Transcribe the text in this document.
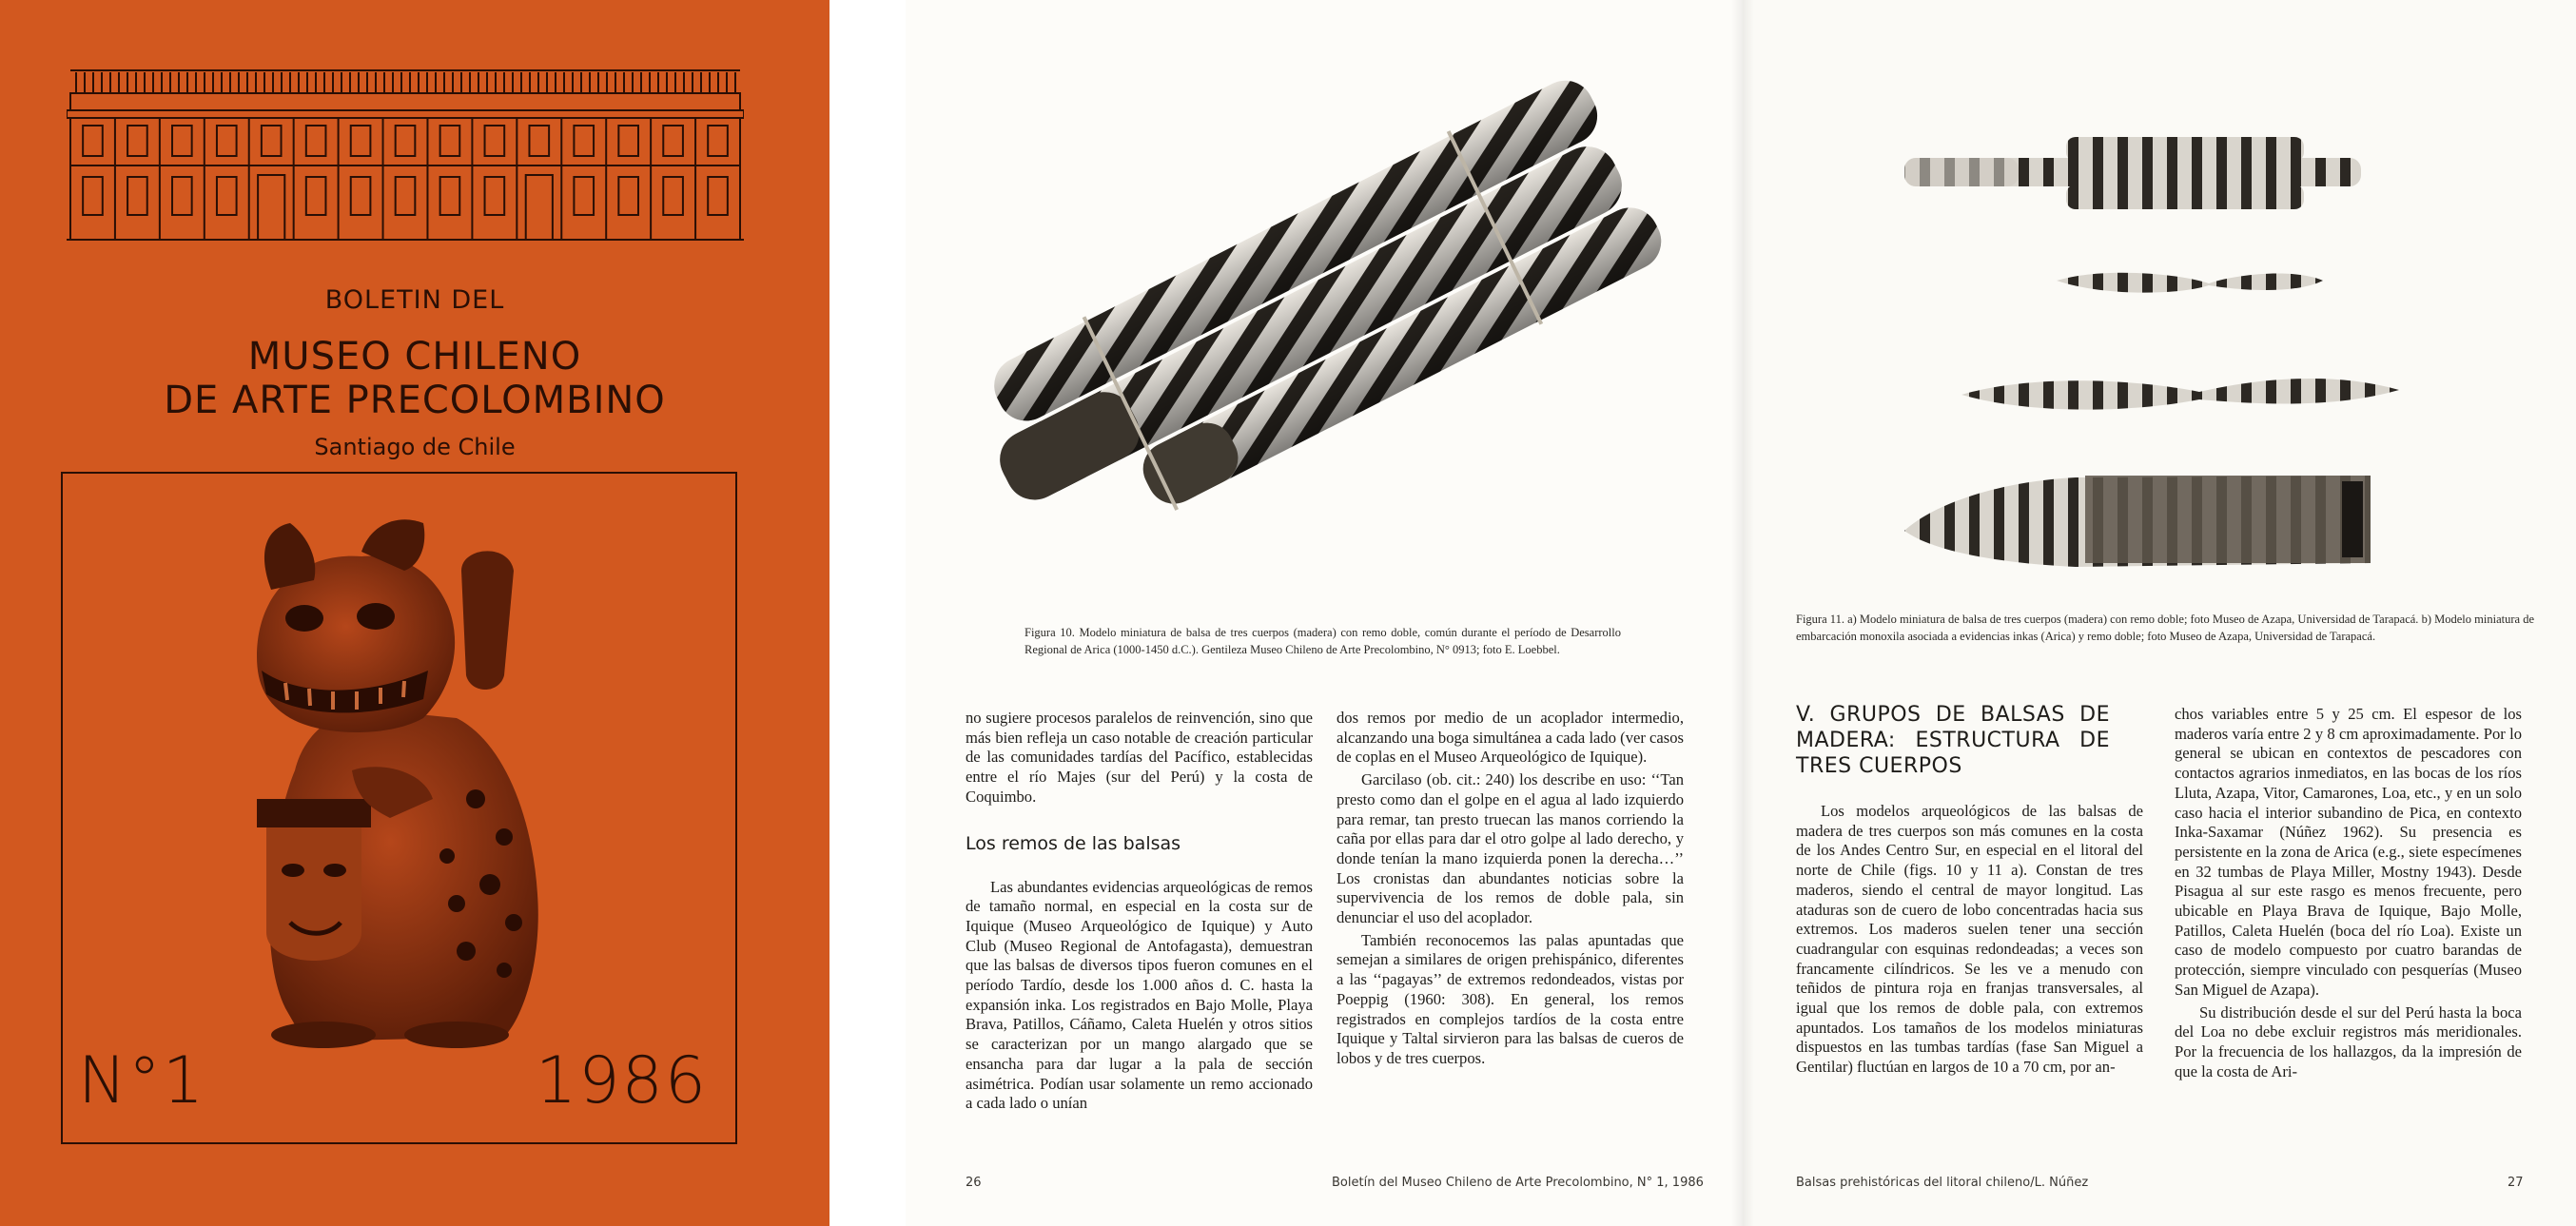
BOLETIN DEL
MUSEO CHILENO
DE ARTE PRECOLOMBINO
Santiago de Chile
N°1	1986
Figura 10. Modelo miniatura de balsa de tres cuerpos (madera) con remo doble, común durante el período de Desarrollo Regional de Arica (1000-1450 d.C.). Gentileza Museo Chileno de Arte Precolombino, N° 0913; foto E. Loebbel.

no sugiere procesos paralelos de reinvención, sino que más bien refleja un caso notable de creación particular de las comunidades tardías del Pacífico, establecidas entre el río Majes (sur del Perú) y la costa de Coquimbo.

Los remos de las balsas

Las abundantes evidencias arqueológicas de remos de tamaño normal, en especial en la costa sur de Iquique (Museo Arqueológico de Iquique) y Auto Club (Museo Regional de Antofagasta), demuestran que las balsas de diversos tipos fueron comunes en el período Tardío, desde los 1.000 años d. C. hasta la expansión inka. Los registrados en Bajo Molle, Playa Brava, Patillos, Cáñamo, Caleta Huelén y otros sitios se caracterizan por un mango alargado que se ensancha para dar lugar a la pala de sección asimétrica. Podían usar solamente un remo accionado a cada lado o unían

dos remos por medio de un acoplador intermedio, alcanzando una boga simultánea a cada lado (ver casos de coplas en el Museo Arqueológico de Iquique).

Garcilaso (ob. cit.: 240) los describe en uso: ‘‘Tan presto como dan el golpe en el agua al lado izquierdo para remar, tan presto truecan las manos corriendo la caña por ellas para dar el otro golpe al lado derecho, y donde tenían la mano izquierda ponen la derecha…’’ Los cronistas dan abundantes noticias sobre la supervivencia de los remos de doble pala, sin denunciar el uso del acoplador.

También reconocemos las palas apuntadas que semejan a similares de origen prehispánico, diferentes a las ‘‘pagayas’’ de extremos redondeados, vistas por Poeppig (1960: 308). En general, los remos registrados en complejos tardíos de la costa entre Iquique y Taltal sirvieron para las balsas de cueros de lobos y de tres cuerpos.

26	Boletín del Museo Chileno de Arte Precolombino, N° 1, 1986
Figura 11. a) Modelo miniatura de balsa de tres cuerpos (madera) con remo doble; foto Museo de Azapa, Universidad de Tarapacá. b) Modelo miniatura de embarcación monoxila asociada a evidencias inkas (Arica) y remo doble; foto Museo de Azapa, Universidad de Tarapacá.
V. GRUPOS DE BALSAS DE MADERA: ESTRUCTURA DE TRES CUERPOS

Los modelos arqueológicos de las balsas de madera de tres cuerpos son más comunes en la costa de los Andes Centro Sur, en especial en el litoral del norte de Chile (figs. 10 y 11 a). Constan de tres maderos, siendo el central de mayor longitud. Las ataduras son de cuero de lobo concentradas hacia sus extremos. Los maderos suelen tener una sección cuadrangular con esquinas redondeadas; a veces son francamente cilíndricos. Se les ve a menudo con teñidos de pintura roja en franjas transversales, al igual que los remos de doble pala, con extremos apuntados. Los tamaños de los modelos miniaturas dispuestos en las tumbas tardías (fase San Miguel a Gentilar) fluctúan en largos de 10 a 70 cm, por an-

chos variables entre 5 y 25 cm. El espesor de los maderos varía entre 2 y 8 cm aproximadamente. Por lo general se ubican en contextos de pescadores con contactos agrarios inmediatos, en las bocas de los ríos Lluta, Azapa, Vitor, Camarones, Loa, etc., y en un solo caso hacia el interior subandino de Pica, en contexto Inka-Saxamar (Núñez 1962). Su presencia es persistente en la zona de Arica (e.g., siete especímenes en 32 tumbas de Playa Miller, Mostny 1943). Desde Pisagua al sur este rasgo es menos frecuente, pero ubicable en Playa Brava de Iquique, Bajo Molle, Patillos, Caleta Huelén (boca del río Loa). Existe un caso de modelo compuesto por cuatro barandas de protección, siempre vinculado con pesquerías (Museo San Miguel de Azapa).

Su distribución desde el sur del Perú hasta la boca del Loa no debe excluir registros más meridionales. Por la frecuencia de los hallazgos, da la impresión de que la costa de Ari-

Balsas prehistóricas del litoral chileno/L. Núñez	27
